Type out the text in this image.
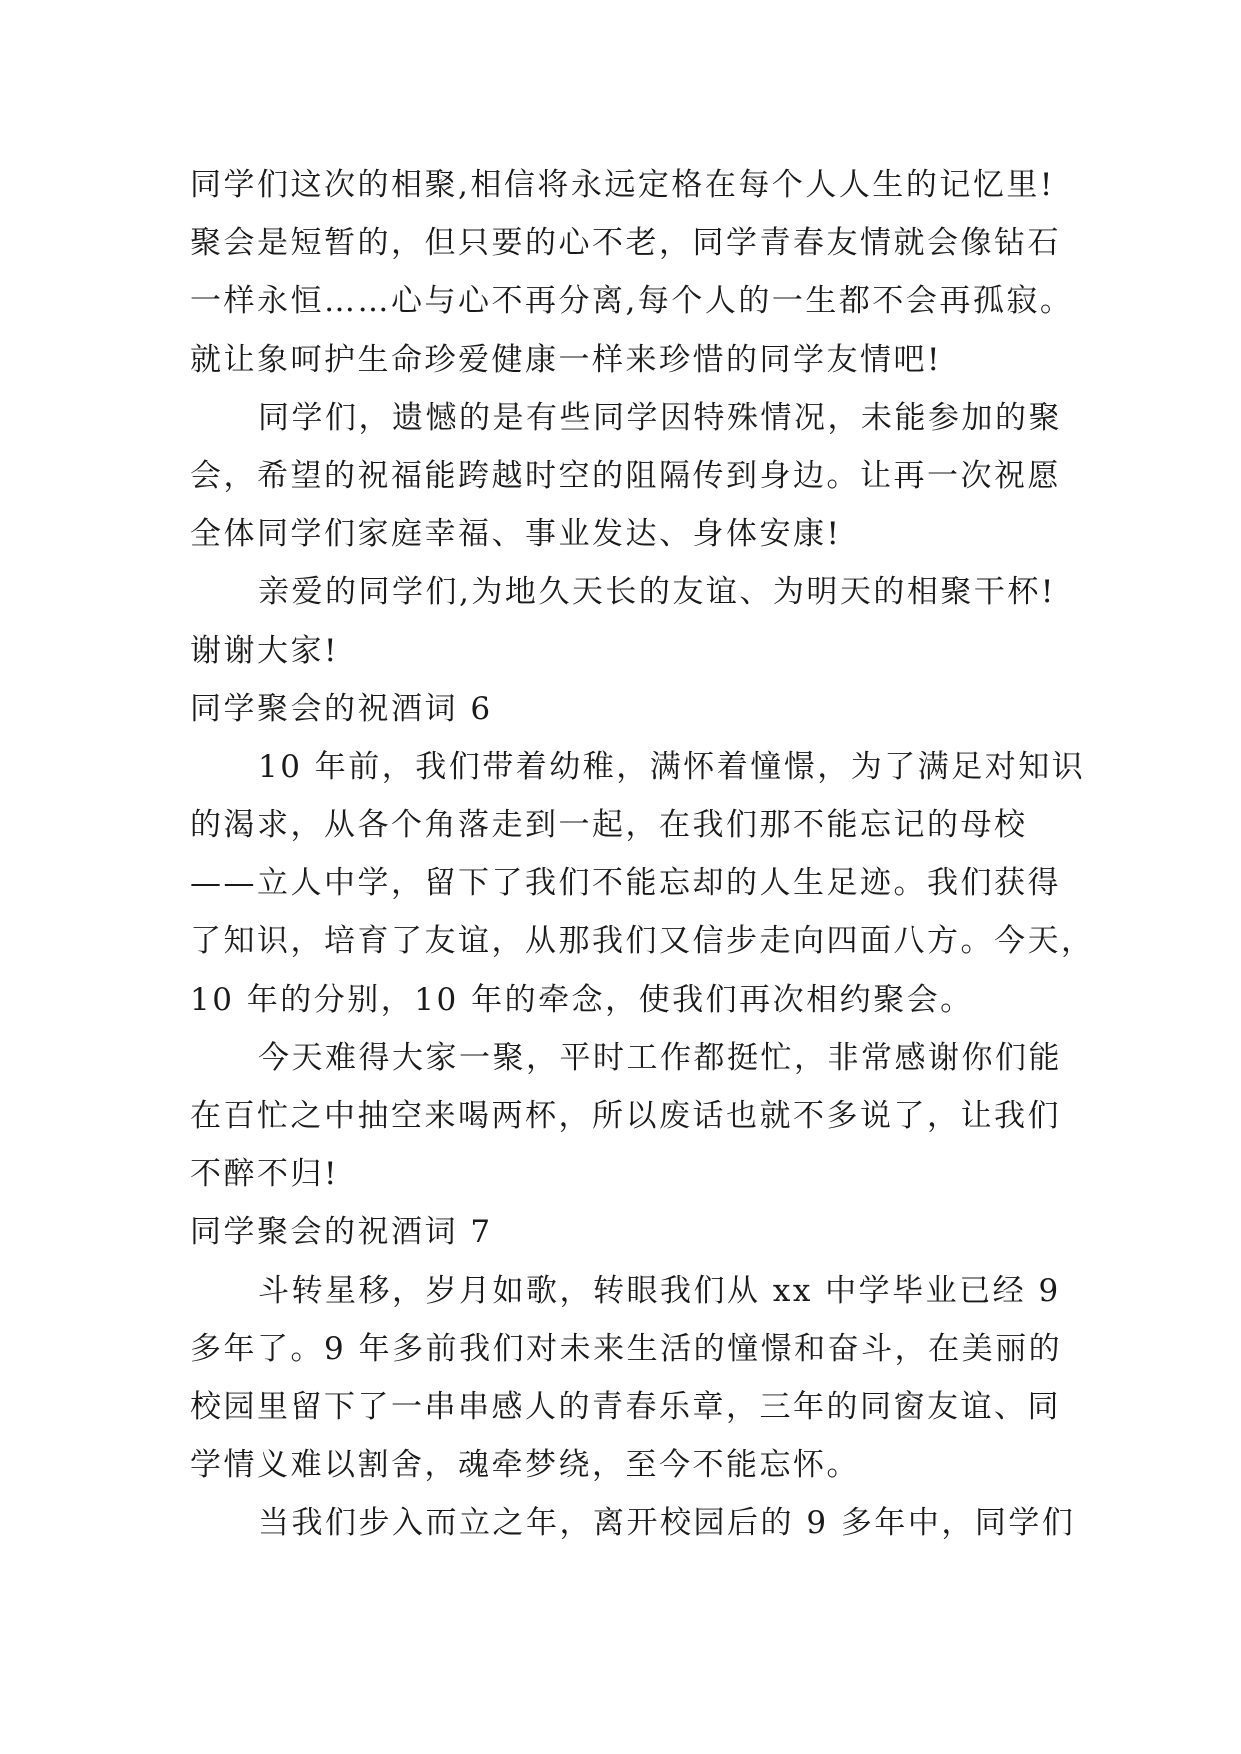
同学们这次的相聚,相信将永远定格在每个人人生的记忆里!
聚会是短暂的，但只要的心不老，同学青春友情就会像钻石
一样永恒……心与心不再分离,每个人的一生都不会再孤寂。
就让象呵护生命珍爱健康一样来珍惜的同学友情吧!
同学们，遗憾的是有些同学因特殊情况，未能参加的聚
会，希望的祝福能跨越时空的阻隔传到身边。让再一次祝愿
全体同学们家庭幸福、事业发达、身体安康!
亲爱的同学们,为地久天长的友谊、为明天的相聚干杯!
谢谢大家!
同学聚会的祝酒词 6
10 年前，我们带着幼稚，满怀着憧憬，为了满足对知识
的渴求，从各个角落走到一起，在我们那不能忘记的母校
——立人中学，留下了我们不能忘却的人生足迹。我们获得
了知识，培育了友谊，从那我们又信步走向四面八方。今天，
10 年的分别，10 年的牵念，使我们再次相约聚会。
今天难得大家一聚，平时工作都挺忙，非常感谢你们能
在百忙之中抽空来喝两杯，所以废话也就不多说了，让我们
不醉不归!
同学聚会的祝酒词 7
斗转星移，岁月如歌，转眼我们从 xx 中学毕业已经 9
多年了。9 年多前我们对未来生活的憧憬和奋斗，在美丽的
校园里留下了一串串感人的青春乐章，三年的同窗友谊、同
学情义难以割舍，魂牵梦绕，至今不能忘怀。
当我们步入而立之年，离开校园后的 9 多年中，同学们
